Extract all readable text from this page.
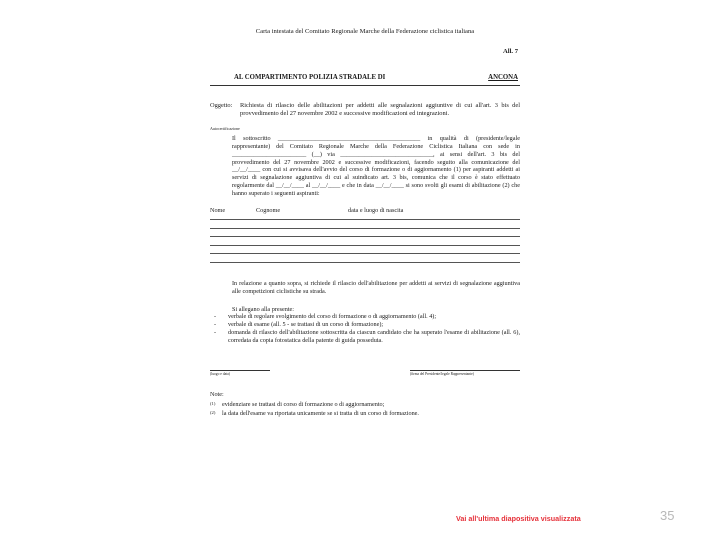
Carta intestata del Comitato Regionale Marche della Federazione ciclistica italiana
All. 7
AL COMPARTIMENTO POLIZIA STRADALE DI	ANCONA
Oggetto:	Richiesta di rilascio delle abilitazioni per addetti alle segnalazioni aggiuntive di cui all'art. 3 bis del provvedimento del 27 novembre 2002 e successive modificazioni ed integrazioni.
Autocertificazione
Il sottoscritto ______________________________________________ in qualità di (presidente/legale rappresentante) del Comitato Regionale Marche della Federazione Ciclistica Italiana con sede in ________________________ (__) via ______________________________, ai sensi dell'art. 3 bis del provvedimento del 27 novembre 2002 e successive modificazioni, facendo seguito alla comunicazione del __/__/____ con cui si avvisava dell'avvio del corso di formazione o di aggiornamento (1) per aspiranti addetti ai servizi di segnalazione aggiuntiva di cui al suindicato art. 3 bis, comunica che il corso è stato effettuato regolarmente dal __/__/____ al __/__/____ e che in data __/__/____ si sono svolti gli esami di abilitazione (2) che hanno superato i seguenti aspiranti:
Nome	Cognome	data e luogo di nascita
In relazione a quanto sopra, si richiede il rilascio dell'abilitazione per addetti ai servizi di segnalazione aggiuntiva alle competizioni ciclistiche su strada.
Si allegano alla presente:
-	verbale di regolare svolgimento del corso di formazione o di aggiornamento (all. 4);
-	verbale di esame (all. 5 - se trattasi di un corso di formazione);
-	domanda di rilascio dell'abilitazione sottoscritta da ciascun candidato che ha superato l'esame di abilitazione (all. 6), corredata da copia fotostatica della patente di guida posseduta.
(luogo e data)	(firma del Presidente/legale Rappresentante)
Note:
(1)	evidenziare se trattasi di corso di formazione o di aggiornamento;
(2)	la data dell'esame va riportata unicamente se si tratta di un corso di formazione.
Vai all'ultima diapositiva visualizzata	35
